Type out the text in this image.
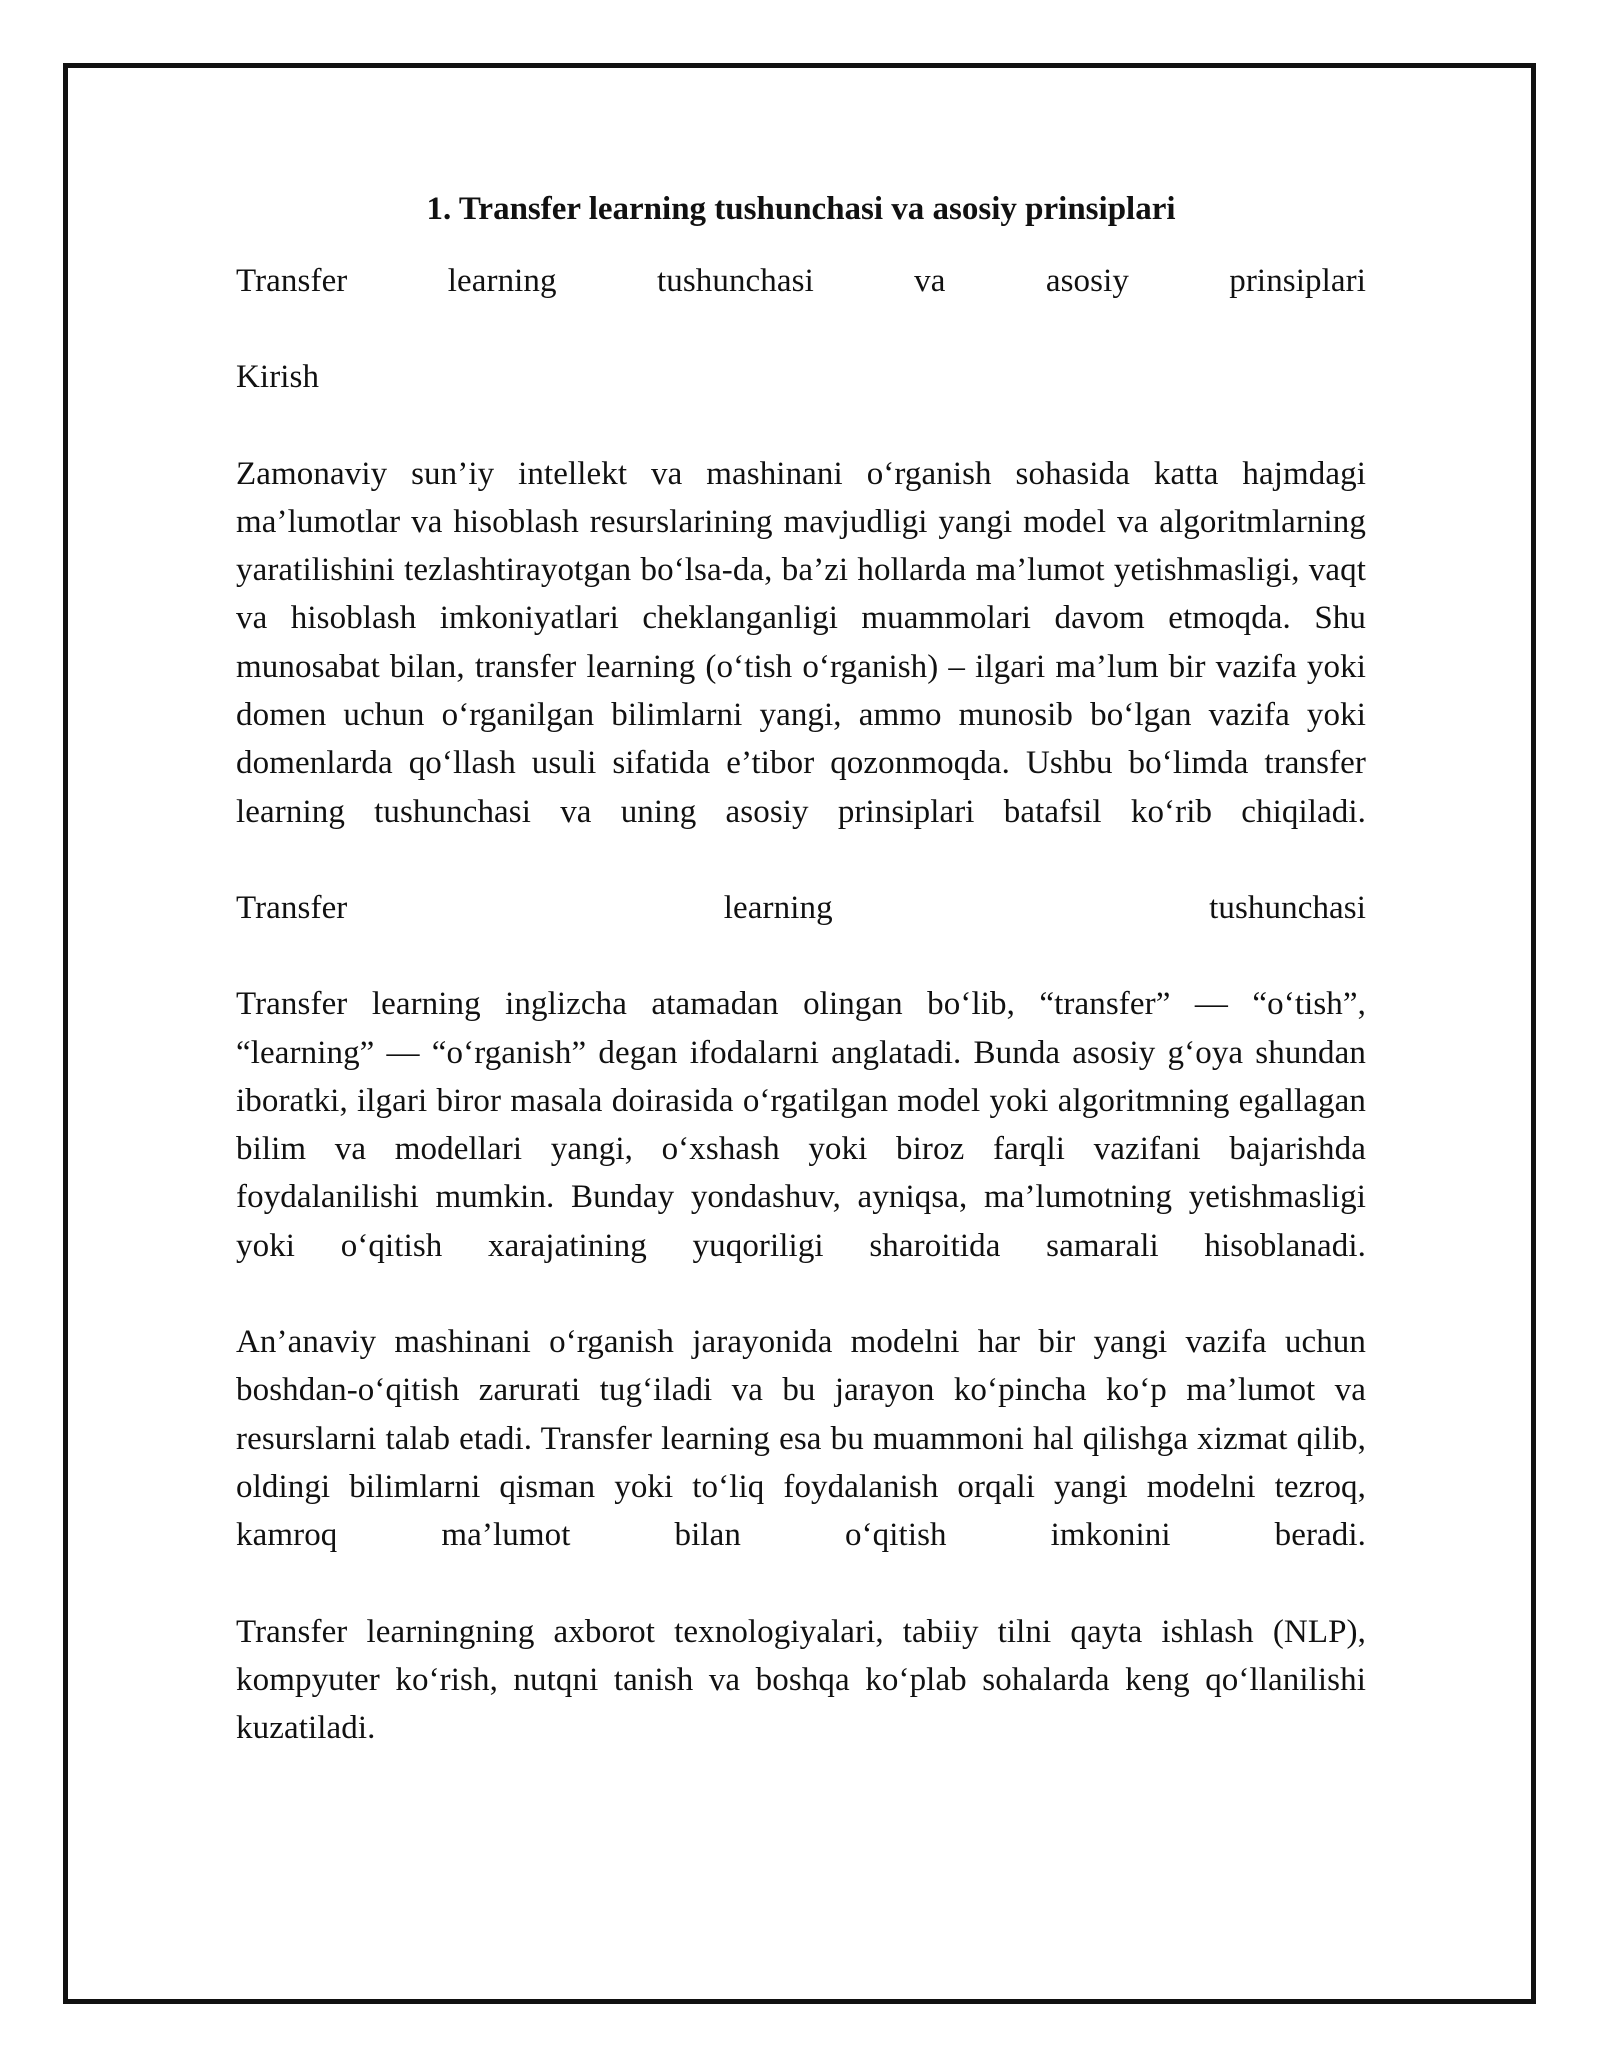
1. Transfer learning tushunchasi va asosiy prinsiplari

Transfer learning tushunchasi va asosiy prinsiplari

Kirish

Zamonaviy sun’iy intellekt va mashinani o‘rganish sohasida katta hajmdagi ma’lumotlar va hisoblash resurslarining mavjudligi yangi model va algoritmlarning yaratilishini tezlashtirayotgan bo‘lsa-da, ba’zi hollarda ma’lumot yetishmasligi, vaqt va hisoblash imkoniyatlari cheklanganligi muammolari davom etmoqda. Shu munosabat bilan, transfer learning (o‘tish o‘rganish) – ilgari ma’lum bir vazifa yoki domen uchun o‘rganilgan bilimlarni yangi, ammo munosib bo‘lgan vazifa yoki domenlarda qo‘llash usuli sifatida e’tibor qozonmoqda. Ushbu bo‘limda transfer learning tushunchasi va uning asosiy prinsiplari batafsil ko‘rib chiqiladi.

Transfer learning tushunchasi

Transfer learning inglizcha atamadan olingan bo‘lib, “transfer” — “o‘tish”, “learning” — “o‘rganish” degan ifodalarni anglatadi. Bunda asosiy g‘oya shundan iboratki, ilgari biror masala doirasida o‘rgatilgan model yoki algoritmning egallagan bilim va modellari yangi, o‘xshash yoki biroz farqli vazifani bajarishda foydalanilishi mumkin. Bunday yondashuv, ayniqsa, ma’lumotning yetishmasligi yoki o‘qitish xarajatining yuqoriligi sharoitida samarali hisoblanadi.

An’anaviy mashinani o‘rganish jarayonida modelni har bir yangi vazifa uchun boshdan-o‘qitish zarurati tug‘iladi va bu jarayon ko‘pincha ko‘p ma’lumot va resurslarni talab etadi. Transfer learning esa bu muammoni hal qilishga xizmat qilib, oldingi bilimlarni qisman yoki to‘liq foydalanish orqali yangi modelni tezroq, kamroq ma’lumot bilan o‘qitish imkonini beradi.

Transfer learningning axborot texnologiyalari, tabiiy tilni qayta ishlash (NLP), kompyuter ko‘rish, nutqni tanish va boshqa ko‘plab sohalarda keng qo‘llanilishi kuzatiladi.
